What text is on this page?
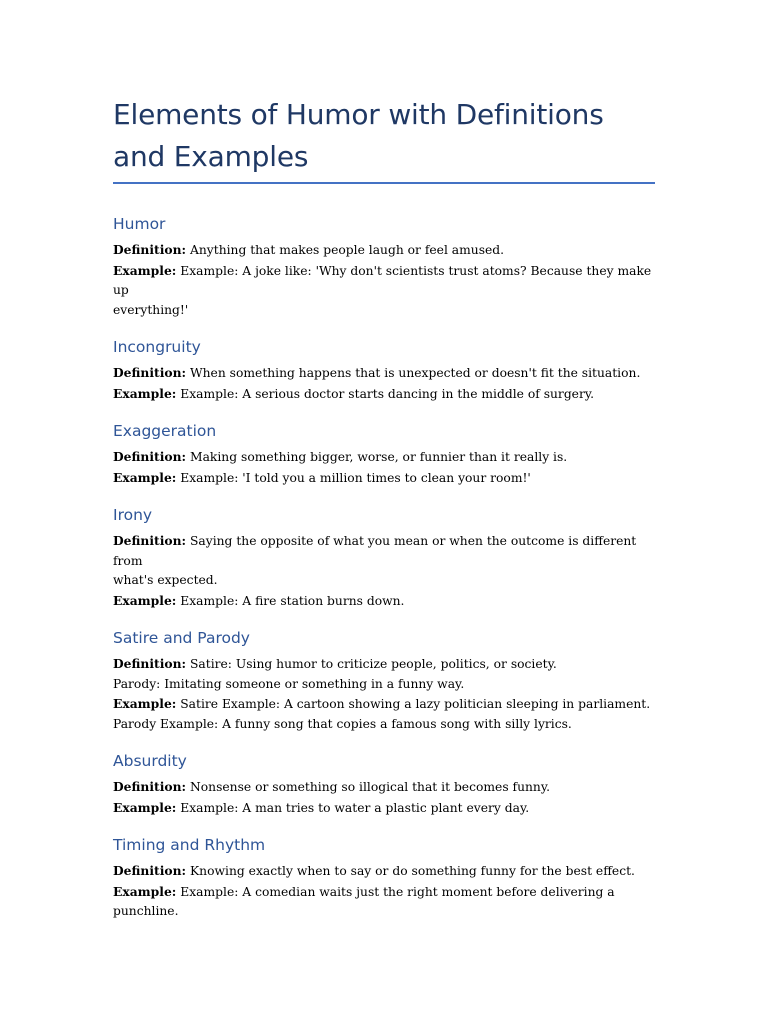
Elements of Humor with Definitions
and Examples
Humor

Definition: Anything that makes people laugh or feel amused.

Example: Example: A joke like: 'Why don't scientists trust atoms? Because they make up
everything!'

Incongruity

Definition: When something happens that is unexpected or doesn't fit the situation.

Example: Example: A serious doctor starts dancing in the middle of surgery.

Exaggeration

Definition: Making something bigger, worse, or funnier than it really is.

Example: Example: 'I told you a million times to clean your room!'

Irony

Definition: Saying the opposite of what you mean or when the outcome is different from
what's expected.

Example: Example: A fire station burns down.

Satire and Parody

Definition: Satire: Using humor to criticize people, politics, or society.
Parody: Imitating someone or something in a funny way.

Example: Satire Example: A cartoon showing a lazy politician sleeping in parliament.
Parody Example: A funny song that copies a famous song with silly lyrics.

Absurdity

Definition: Nonsense or something so illogical that it becomes funny.

Example: Example: A man tries to water a plastic plant every day.

Timing and Rhythm

Definition: Knowing exactly when to say or do something funny for the best effect.

Example: Example: A comedian waits just the right moment before delivering a punchline.
